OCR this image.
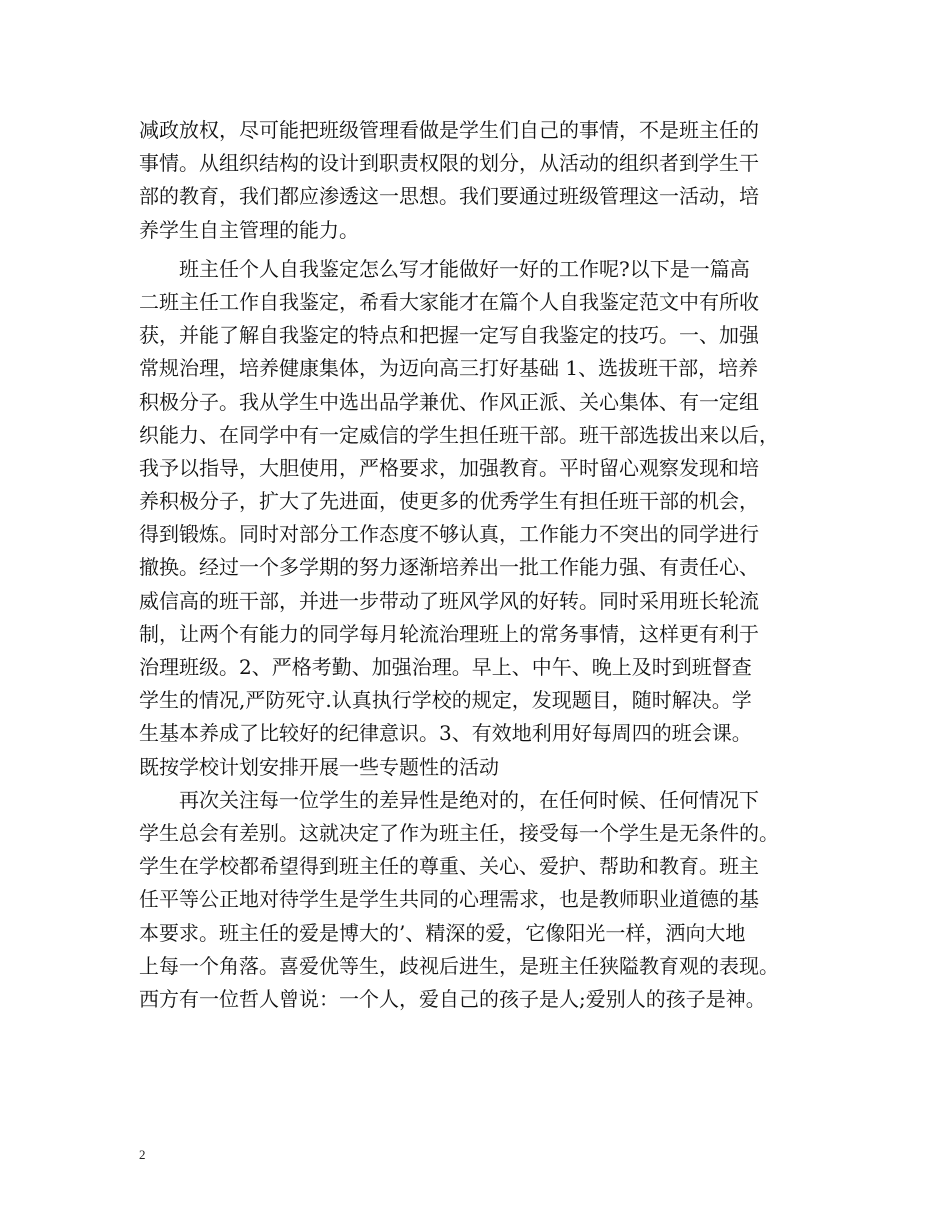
减政放权，尽可能把班级管理看做是学生们自己的事情，不是班主任的
事情。从组织结构的设计到职责权限的划分，从活动的组织者到学生干
部的教育，我们都应渗透这一思想。我们要通过班级管理这一活动，培
养学生自主管理的能力。
班主任个人自我鉴定怎么写才能做好一好的工作呢?以下是一篇高
二班主任工作自我鉴定，希看大家能才在篇个人自我鉴定范文中有所收
获，并能了解自我鉴定的特点和把握一定写自我鉴定的技巧。一、加强
常规治理，培养健康集体，为迈向高三打好基础 1、选拔班干部，培养
积极分子。我从学生中选出品学兼优、作风正派、关心集体、有一定组
织能力、在同学中有一定威信的学生担任班干部。班干部选拔出来以后，
我予以指导，大胆使用，严格要求，加强教育。平时留心观察发现和培
养积极分子，扩大了先进面，使更多的优秀学生有担任班干部的机会，
得到锻炼。同时对部分工作态度不够认真，工作能力不突出的同学进行
撤换。经过一个多学期的努力逐渐培养出一批工作能力强、有责任心、
威信高的班干部，并进一步带动了班风学风的好转。同时采用班长轮流
制，让两个有能力的同学每月轮流治理班上的常务事情，这样更有利于
治理班级。2、严格考勤、加强治理。早上、中午、晚上及时到班督查
学生的情况,严防死守.认真执行学校的规定，发现题目，随时解决。学
生基本养成了比较好的纪律意识。3、有效地利用好每周四的班会课。
既按学校计划安排开展一些专题性的活动
再次关注每一位学生的差异性是绝对的，在任何时候、任何情况下
学生总会有差别。这就决定了作为班主任，接受每一个学生是无条件的。
学生在学校都希望得到班主任的尊重、关心、爱护、帮助和教育。班主
任平等公正地对待学生是学生共同的心理需求，也是教师职业道德的基
本要求。班主任的爱是博大的’、精深的爱，它像阳光一样，洒向大地
上每一个角落。喜爱优等生，歧视后进生，是班主任狭隘教育观的表现。
西方有一位哲人曾说：一个人，爱自己的孩子是人;爱别人的孩子是神。
2
